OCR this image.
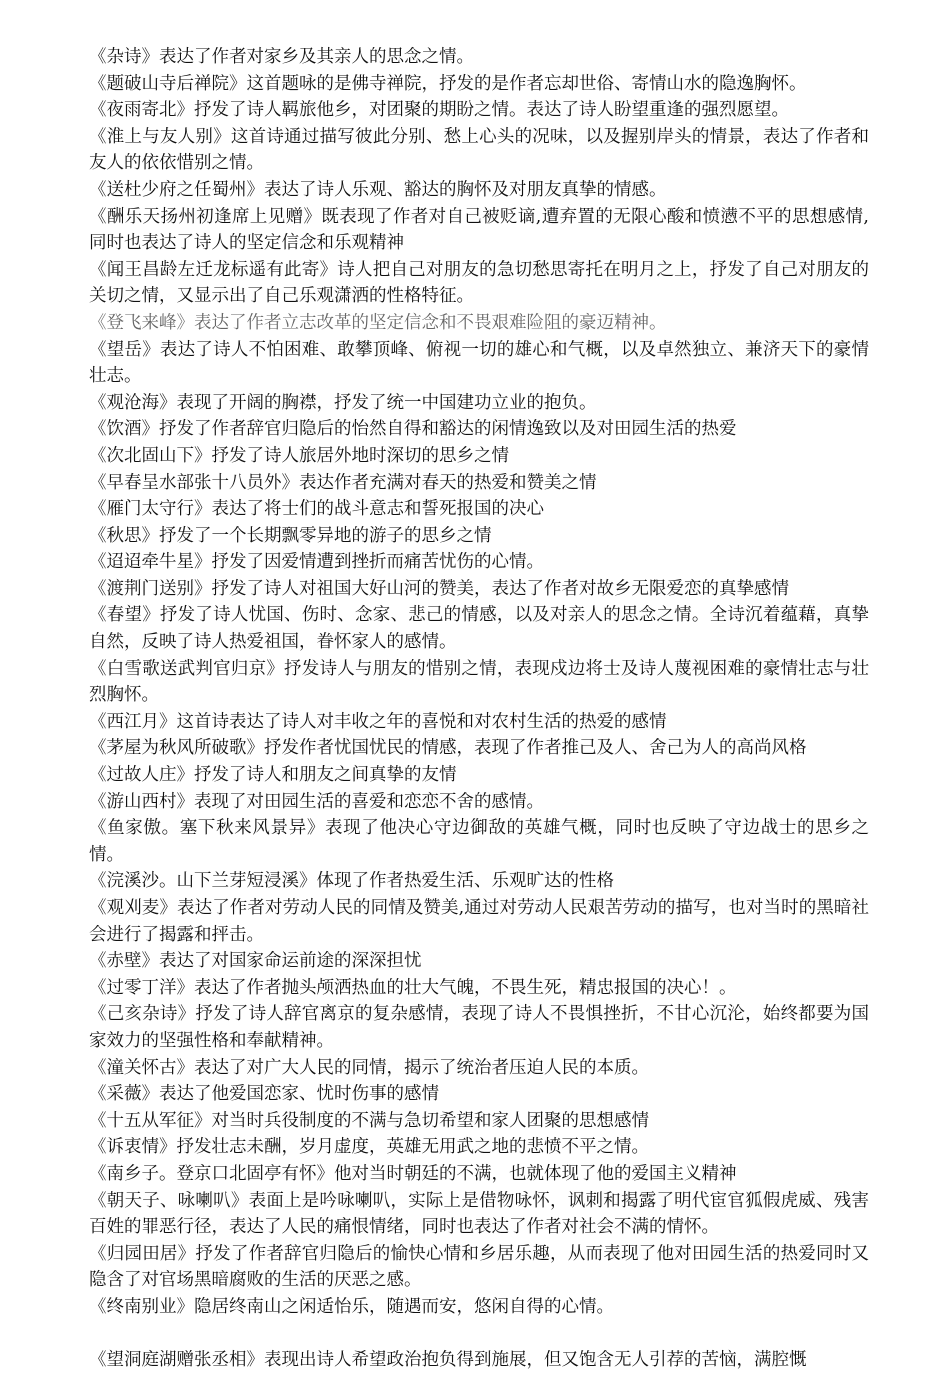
《杂诗》表达了作者对家乡及其亲人的思念之情。

《题破山寺后禅院》这首题咏的是佛寺禅院，抒发的是作者忘却世俗、寄情山水的隐逸胸怀。

《夜雨寄北》抒发了诗人羁旅他乡，对团聚的期盼之情。表达了诗人盼望重逢的强烈愿望。

《淮上与友人别》这首诗通过描写彼此分别、愁上心头的况味，以及握别岸头的情景，表达了作者和友人的依依惜别之情。

《送杜少府之任蜀州》表达了诗人乐观、豁达的胸怀及对朋友真挚的情感。

《酬乐天扬州初逢席上见赠》既表现了作者对自己被贬谪,遭弃置的无限心酸和愤懑不平的思想感情,同时也表达了诗人的坚定信念和乐观精神

《闻王昌龄左迁龙标遥有此寄》诗人把自己对朋友的急切愁思寄托在明月之上，抒发了自己对朋友的关切之情，又显示出了自己乐观潇洒的性格特征。

《登飞来峰》表达了作者立志改革的坚定信念和不畏艰难险阻的豪迈精神。

《望岳》表达了诗人不怕困难、敢攀顶峰、俯视一切的雄心和气概，以及卓然独立、兼济天下的豪情壮志。

《观沧海》表现了开阔的胸襟，抒发了统一中国建功立业的抱负。

《饮酒》抒发了作者辞官归隐后的怡然自得和豁达的闲情逸致以及对田园生活的热爱

《次北固山下》抒发了诗人旅居外地时深切的思乡之情

《早春呈水部张十八员外》表达作者充满对春天的热爱和赞美之情

《雁门太守行》表达了将士们的战斗意志和誓死报国的决心

《秋思》抒发了一个长期飘零异地的游子的思乡之情

《迢迢牵牛星》抒发了因爱情遭到挫折而痛苦忧伤的心情。

《渡荆门送别》抒发了诗人对祖国大好山河的赞美，表达了作者对故乡无限爱恋的真挚感情

《春望》抒发了诗人忧国、伤时、念家、悲己的情感，以及对亲人的思念之情。全诗沉着蕴藉，真挚自然，反映了诗人热爱祖国，眷怀家人的感情。

《白雪歌送武判官归京》抒发诗人与朋友的惜别之情，表现戍边将士及诗人蔑视困难的豪情壮志与壮烈胸怀。

《西江月》这首诗表达了诗人对丰收之年的喜悦和对农村生活的热爱的感情

《茅屋为秋风所破歌》抒发作者忧国忧民的情感，表现了作者推己及人、舍己为人的高尚风格

《过故人庄》抒发了诗人和朋友之间真挚的友情

《游山西村》表现了对田园生活的喜爱和恋恋不舍的感情。

《鱼家傲。塞下秋来风景异》表现了他决心守边御敌的英雄气概，同时也反映了守边战士的思乡之情。

《浣溪沙。山下兰芽短浸溪》体现了作者热爱生活、乐观旷达的性格

《观刈麦》表达了作者对劳动人民的同情及赞美,通过对劳动人民艰苦劳动的描写，也对当时的黑暗社会进行了揭露和抨击。

《赤壁》表达了对国家命运前途的深深担忧

《过零丁洋》表达了作者抛头颅洒热血的壮大气魄，不畏生死，精忠报国的决心！。

《己亥杂诗》抒发了诗人辞官离京的复杂感情，表现了诗人不畏惧挫折，不甘心沉沦，始终都要为国家效力的坚强性格和奉献精神。

《潼关怀古》表达了对广大人民的同情，揭示了统治者压迫人民的本质。

《采薇》表达了他爱国恋家、忧时伤事的感情

《十五从军征》对当时兵役制度的不满与急切希望和家人团聚的思想感情

《诉衷情》抒发壮志未酬，岁月虚度，英雄无用武之地的悲愤不平之情。

《南乡子。登京口北固亭有怀》他对当时朝廷的不满，也就体现了他的爱国主义精神

《朝天子、咏喇叭》表面上是吟咏喇叭，实际上是借物咏怀，讽刺和揭露了明代宦官狐假虎威、残害百姓的罪恶行径，表达了人民的痛恨情绪，同时也表达了作者对社会不满的情怀。

《归园田居》抒发了作者辞官归隐后的愉快心情和乡居乐趣，从而表现了他对田园生活的热爱同时又隐含了对官场黑暗腐败的生活的厌恶之感。

《终南别业》隐居终南山之闲适怡乐，随遇而安，悠闲自得的心情。

《望洞庭湖赠张丞相》表现出诗人希望政治抱负得到施展，但又饱含无人引荐的苦恼，满腔慨
